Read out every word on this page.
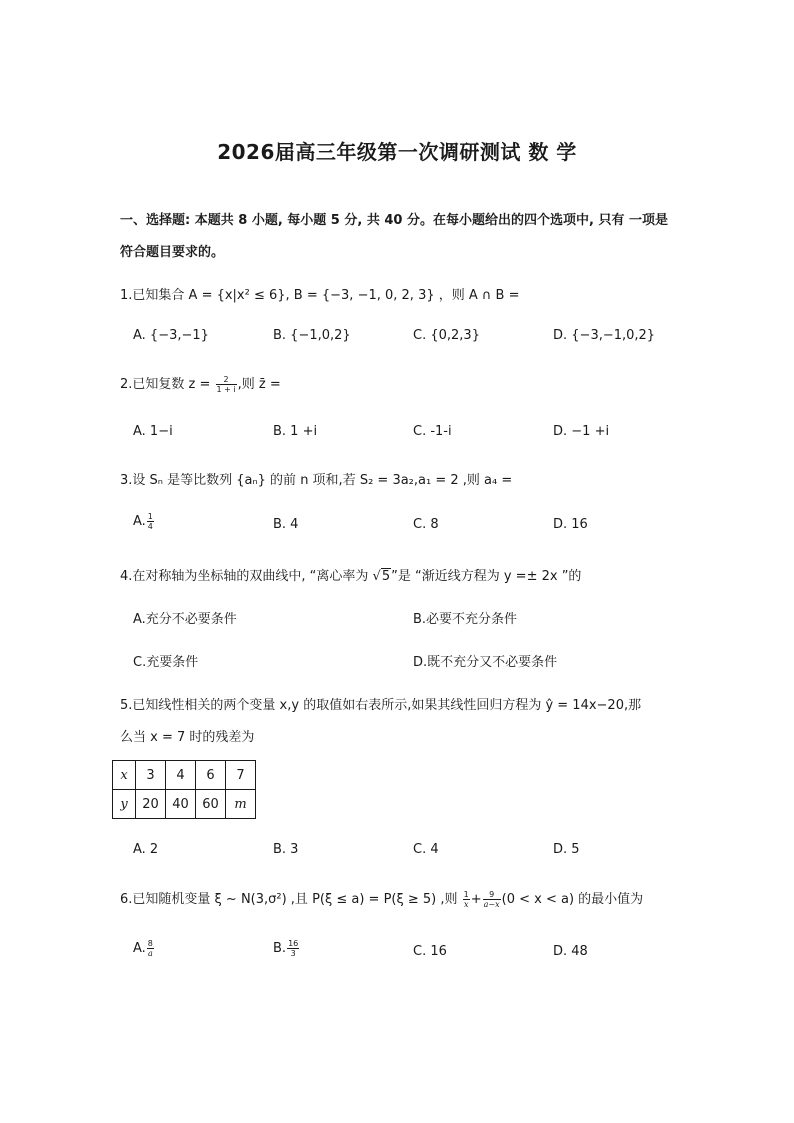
2026届高三年级第一次调研测试 数 学
一、选择题: 本题共 8 小题, 每小题 5 分, 共 40 分。在每小题给出的四个选项中, 只有 一项是符合题目要求的。
1.已知集合 A = {x|x² ≤ 6}, B = {−3, −1, 0, 2, 3} ，则 A ∩ B =
A. {−3,−1}	B. {−1,0,2}	C. {0,2,3}	D. {−3,−1,0,2}
2.已知复数 $z = \frac{2}{1 + i}$ ,则 z̄ =
A. 1−i	B. 1 +i	C. -1-i	D. −1 +i
3.设 Sₙ 是等比数列 {aₙ} 的前 n 项和,若 S₂ = 3a₂,a₁ = 2 ,则 a₄ =
A. $\frac{1}{4}$	B. 4	C. 8	D. 16
4.在对称轴为坐标轴的双曲线中, “离心率为 √5”是 “渐近线方程为 y =± 2x ”的
A.充分不必要条件	B.必要不充分条件
C.充要条件	D.既不充分又不必要条件
5.已知线性相关的两个变量 x,y 的取值如右表所示,如果其线性回归方程为 ŷ = 14x−20,那
么当 x = 7 时的残差为
x	3	4	6	7
y	20	40	60	m
A. 2	B. 3	C. 4	D. 5
6.已知随机变量 ξ ~ N(3,σ²) ,且 P(ξ ≤ a) = P(ξ ≥ 5) ,则 $\frac{1}{x} + \frac{9}{a-x} (0 < x < a)$ 的最小值为
A. $\frac{8}{a}$	B. $\frac{16}{3}$	C. 16	D. 48
